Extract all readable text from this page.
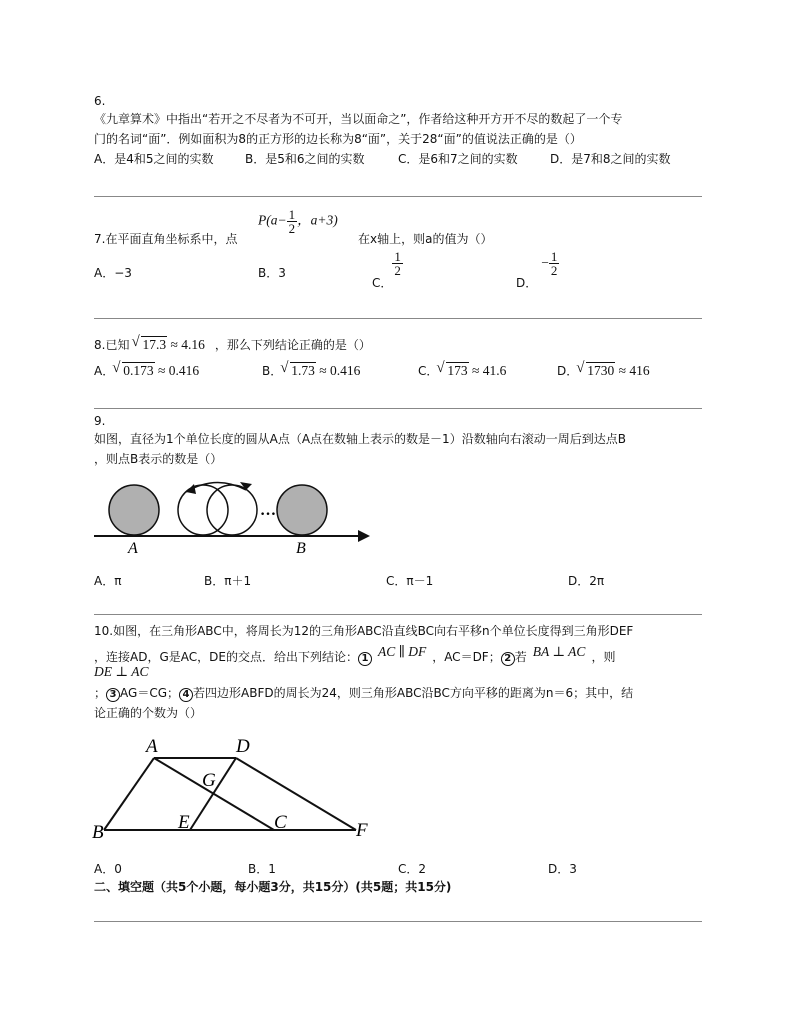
6.
《九章算术》中指出“若开之不尽者为不可开，当以面命之”，作者给这种开方开不尽的数起了一个专
门的名词“面”．例如面积为8的正方形的边长称为8“面”，关于28“面”的值说法正确的是（）
A．是4和5之间的实数	B．是5和6之间的实数	C．是6和7之间的实数	D．是7和8之间的实数
7.在平面直角坐标系中，点
$P(a- \frac{1}{2}$ ，a+3)
在x轴上，则a的值为（）
A．−3	B．3
C．
$\frac{1}{2}$
D．− $\frac{1}{2}$
8.已知 √ 17.3 ≈ 4.16 ，那么下列结论正确的是（）
A． √ 0.173 ≈ 0.416	B． √ 1.73 ≈ 0.416	C． √ 173 ≈ 41.6	D． √ 1730 ≈ 416
9.
如图，直径为1个单位长度的圆从A点（A点在数轴上表示的数是－1）沿数轴向右滚动一周后到达点B
，则点B表示的数是（）
…
A	B
A．π	B．π＋1	C．π－1	D．2π
10.如图，在三角形ABC中，将周长为12的三角形ABC沿直线BC向右平移n个单位长度得到三角形DEF
，连接AD，G是AC，DE的交点．给出下列结论： 1 AC ∥ DF ，AC＝DF； 2 若 BA ⊥ AC ，则
DE ⊥ AC
； 3 AG＝CG； 4 若四边形ABFD的周长为24，则三角形ABC沿BC方向平移的距离为n＝6；其中，结
论正确的个数为（）
A	D
G
B	E	C	F
A．0	B．1	C．2	D．3
二、填空题（共5个小题，每小题3分，共15分）(共5题；共15分)
